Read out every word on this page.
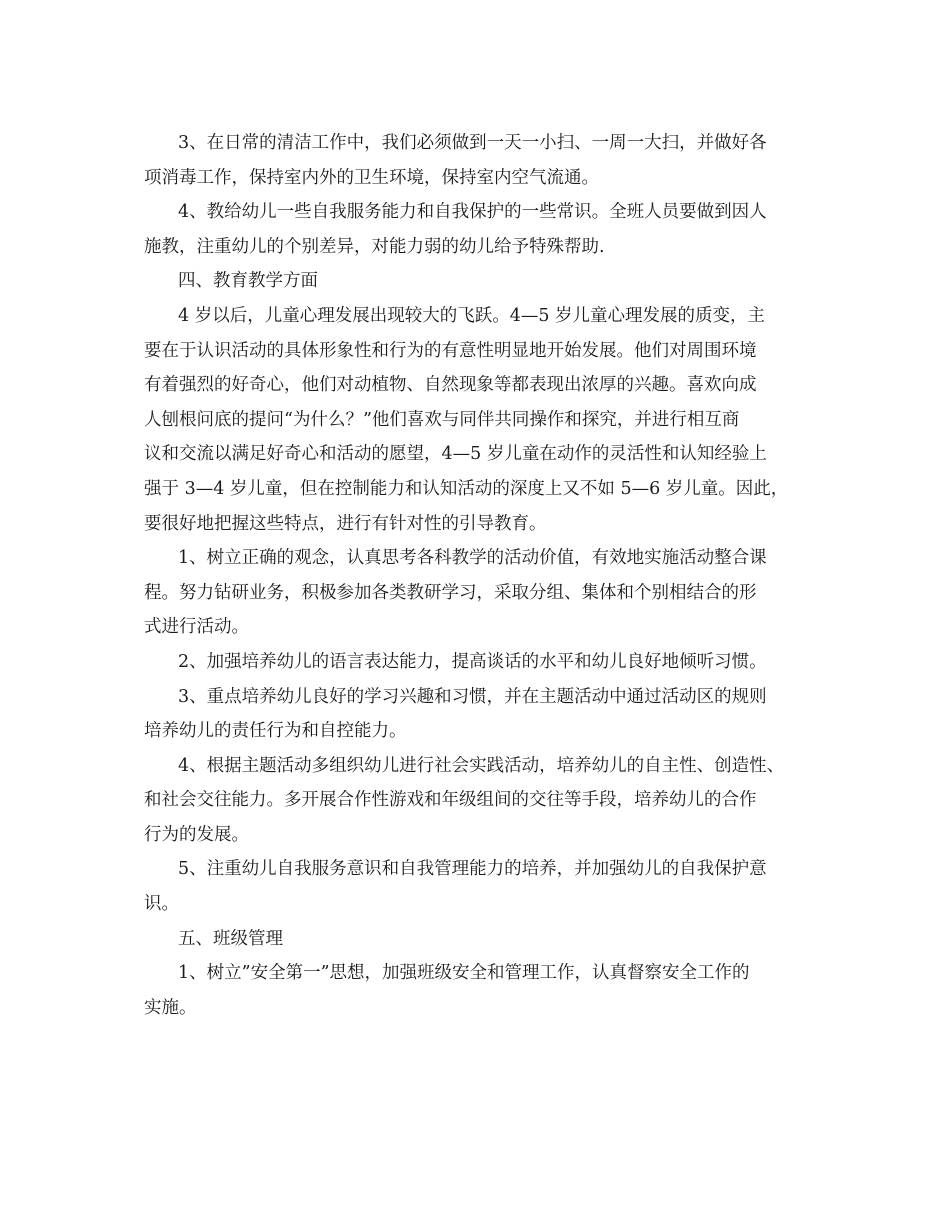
3、在日常的清洁工作中，我们必须做到一天一小扫、一周一大扫，并做好各
项消毒工作，保持室内外的卫生环境，保持室内空气流通。
4、教给幼儿一些自我服务能力和自我保护的一些常识。全班人员要做到因人
施教，注重幼儿的个别差异，对能力弱的幼儿给予特殊帮助.
四、教育教学方面
4 岁以后，儿童心理发展出现较大的飞跃。4—5 岁儿童心理发展的质变，主
要在于认识活动的具体形象性和行为的有意性明显地开始发展。他们对周围环境
有着强烈的好奇心，他们对动植物、自然现象等都表现出浓厚的兴趣。喜欢向成
人刨根问底的提问“为什么？”他们喜欢与同伴共同操作和探究，并进行相互商
议和交流以满足好奇心和活动的愿望，4—5 岁儿童在动作的灵活性和认知经验上
强于 3—4 岁儿童，但在控制能力和认知活动的深度上又不如 5—6 岁儿童。因此，
要很好地把握这些特点，进行有针对性的引导教育。
1、树立正确的观念，认真思考各科教学的活动价值，有效地实施活动整合课
程。努力钻研业务，积极参加各类教研学习，采取分组、集体和个别相结合的形
式进行活动。
2、加强培养幼儿的语言表达能力，提高谈话的水平和幼儿良好地倾听习惯。
3、重点培养幼儿良好的学习兴趣和习惯，并在主题活动中通过活动区的规则
培养幼儿的责任行为和自控能力。
4、根据主题活动多组织幼儿进行社会实践活动，培养幼儿的自主性、创造性、
和社会交往能力。多开展合作性游戏和年级组间的交往等手段，培养幼儿的合作
行为的发展。
5、注重幼儿自我服务意识和自我管理能力的培养，并加强幼儿的自我保护意
识。
五、班级管理
1、树立”安全第一”思想，加强班级安全和管理工作，认真督察安全工作的
实施。
